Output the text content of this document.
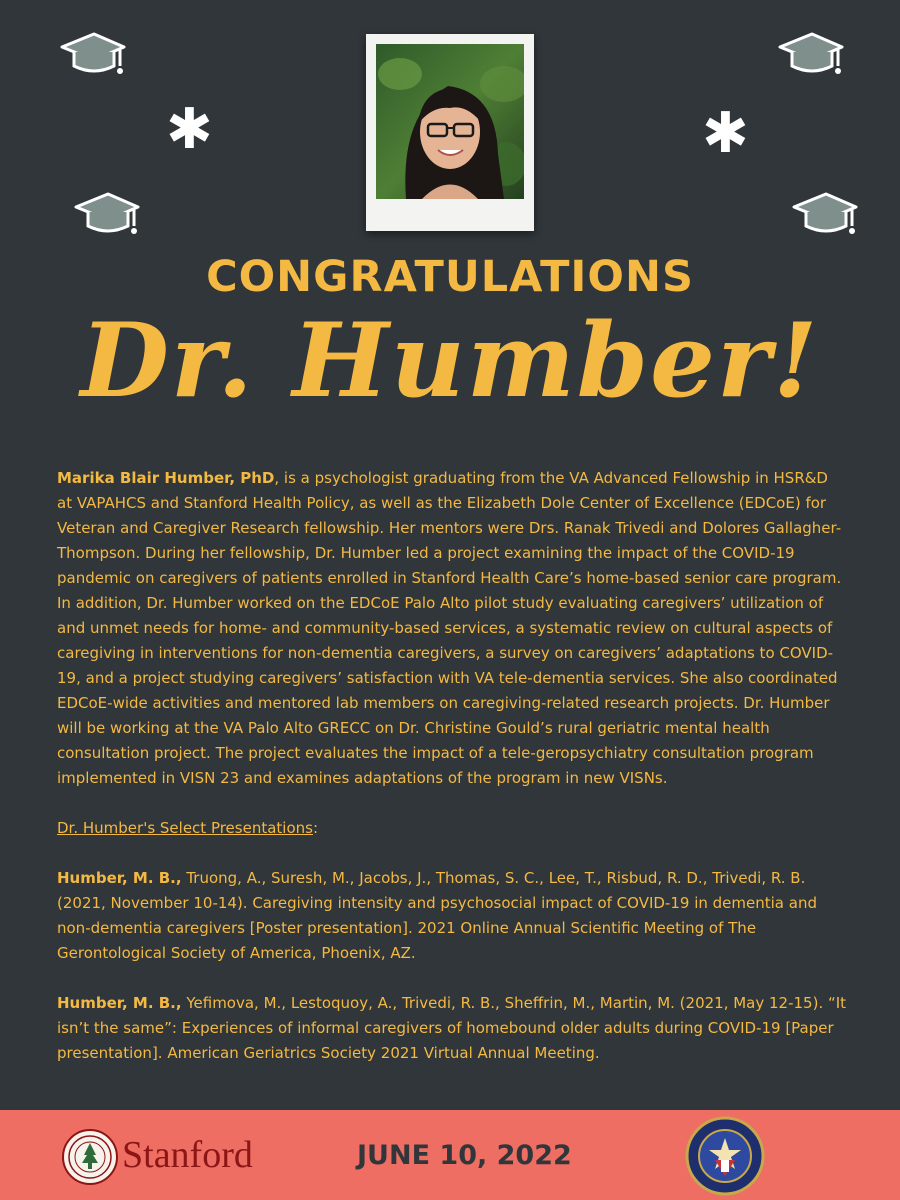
✱	✱
CONGRATULATIONS
Dr. Humber!

Marika Blair Humber, PhD, is a psychologist graduating from the VA Advanced Fellowship in HSR&D at VAPAHCS and Stanford Health Policy, as well as the Elizabeth Dole Center of Excellence (EDCoE) for Veteran and Caregiver Research fellowship. Her mentors were Drs. Ranak Trivedi and Dolores Gallagher-Thompson. During her fellowship, Dr. Humber led a project examining the impact of the COVID-19 pandemic on caregivers of patients enrolled in Stanford Health Care’s home-based senior care program. In addition, Dr. Humber worked on the EDCoE Palo Alto pilot study evaluating caregivers’ utilization of and unmet needs for home- and community-based services, a systematic review on cultural aspects of caregiving in interventions for non-dementia caregivers, a survey on caregivers’ adaptations to COVID-19, and a project studying caregivers’ satisfaction with VA tele-dementia services. She also coordinated EDCoE-wide activities and mentored lab members on caregiving-related research projects. Dr. Humber will be working at the VA Palo Alto GRECC on Dr. Christine Gould’s rural geriatric mental health consultation project. The project evaluates the impact of a tele-geropsychiatry consultation program implemented in VISN 23 and examines adaptations of the program in new VISNs.

Dr. Humber's Select Presentations:

Humber, M. B., Truong, A., Suresh, M., Jacobs, J., Thomas, S. C., Lee, T., Risbud, R. D., Trivedi, R. B. (2021, November 10-14). Caregiving intensity and psychosocial impact of COVID-19 in dementia and non-dementia caregivers [Poster presentation]. 2021 Online Annual Scientific Meeting of The Gerontological Society of America, Phoenix, AZ.

Humber, M. B., Yefimova, M., Lestoquoy, A., Trivedi, R. B., Sheffrin, M., Martin, M. (2021, May 12-15). “It isn’t the same”: Experiences of informal caregivers of homebound older adults during COVID-19 [Paper presentation]. American Geriatrics Society 2021 Virtual Annual Meeting.

Stanford	JUNE 10, 2022
